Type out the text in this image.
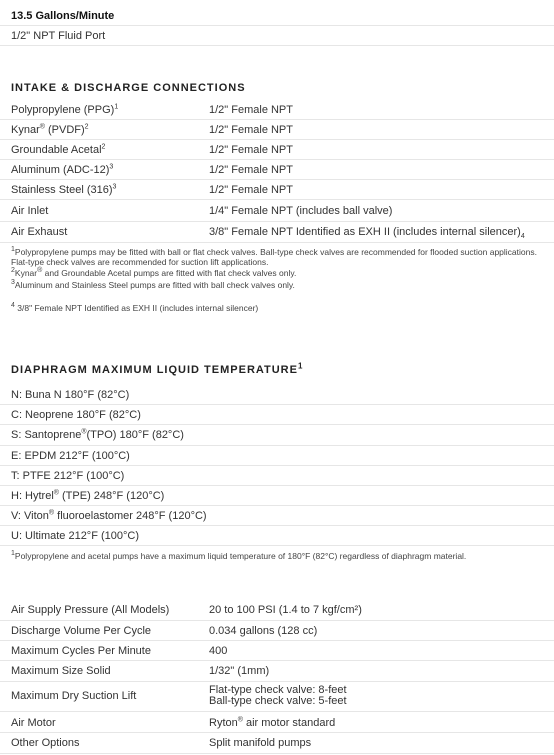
13.5 Gallons/Minute
1/2" NPT Fluid Port
INTAKE & DISCHARGE CONNECTIONS
Polypropylene (PPG)$^1$	1/2" Female NPT
Kynar® (PVDF)$^2$	1/2" Female NPT
Groundable Acetal$^2$	1/2" Female NPT
Aluminum $(ADC-12)^3$	1/2" Female NPT
Stainless Steel $(316)^3$	1/2" Female NPT
Air Inlet	1/4" Female NPT (includes ball valve)
Air Exhaust	3/8" Female NPT Identified as EXH II (includes internal $silencer)_4$
$^1$Polypropylene pumps may be fitted with ball or flat check valves. Ball-type check valves are recommended for flooded suction applications. Flat-type check valves are recommended for suction lift applications.
$^2$Kynar® and Groundable Acetal pumps are fitted with flat check valves only.
$^3$Aluminum and Stainless Steel pumps are fitted with ball check valves only.
$^4$ 3/8" Female NPT Identified as EXH II (includes internal silencer)
DIAPHRAGM MAXIMUM LIQUID TEMPERATURE$^1$
N: Buna N 180°F (82°C)
C: Neoprene 180°F (82°C)
S: Santoprene®(TPO) 180°F (82°C)
E: EPDM 212°F (100°C)
T: PTFE 212°F (100°C)
H: Hytrel® (TPE) 248°F (120°C)
V: Viton® fluoroelastomer 248°F (120°C)
U: Ultimate 212°F (100°C)
$^1$Polypropylene and acetal pumps have a maximum liquid temperature of 180°F (82°C) regardless of diaphragm material.
Air Supply Pressure (All Models)	20 to 100 PSI (1.4 to 7 kgf/cm²)
Discharge Volume Per Cycle	0.034 gallons (128 cc)
Maximum Cycles Per Minute	400
Maximum Size Solid	1/32" (1mm)
Maximum Dry Suction Lift	Flat-type check valve: 8-feet
Ball-type check valve: 5-feet
Air Motor	Ryton® air motor standard
Other Options	Split manifold pumps
